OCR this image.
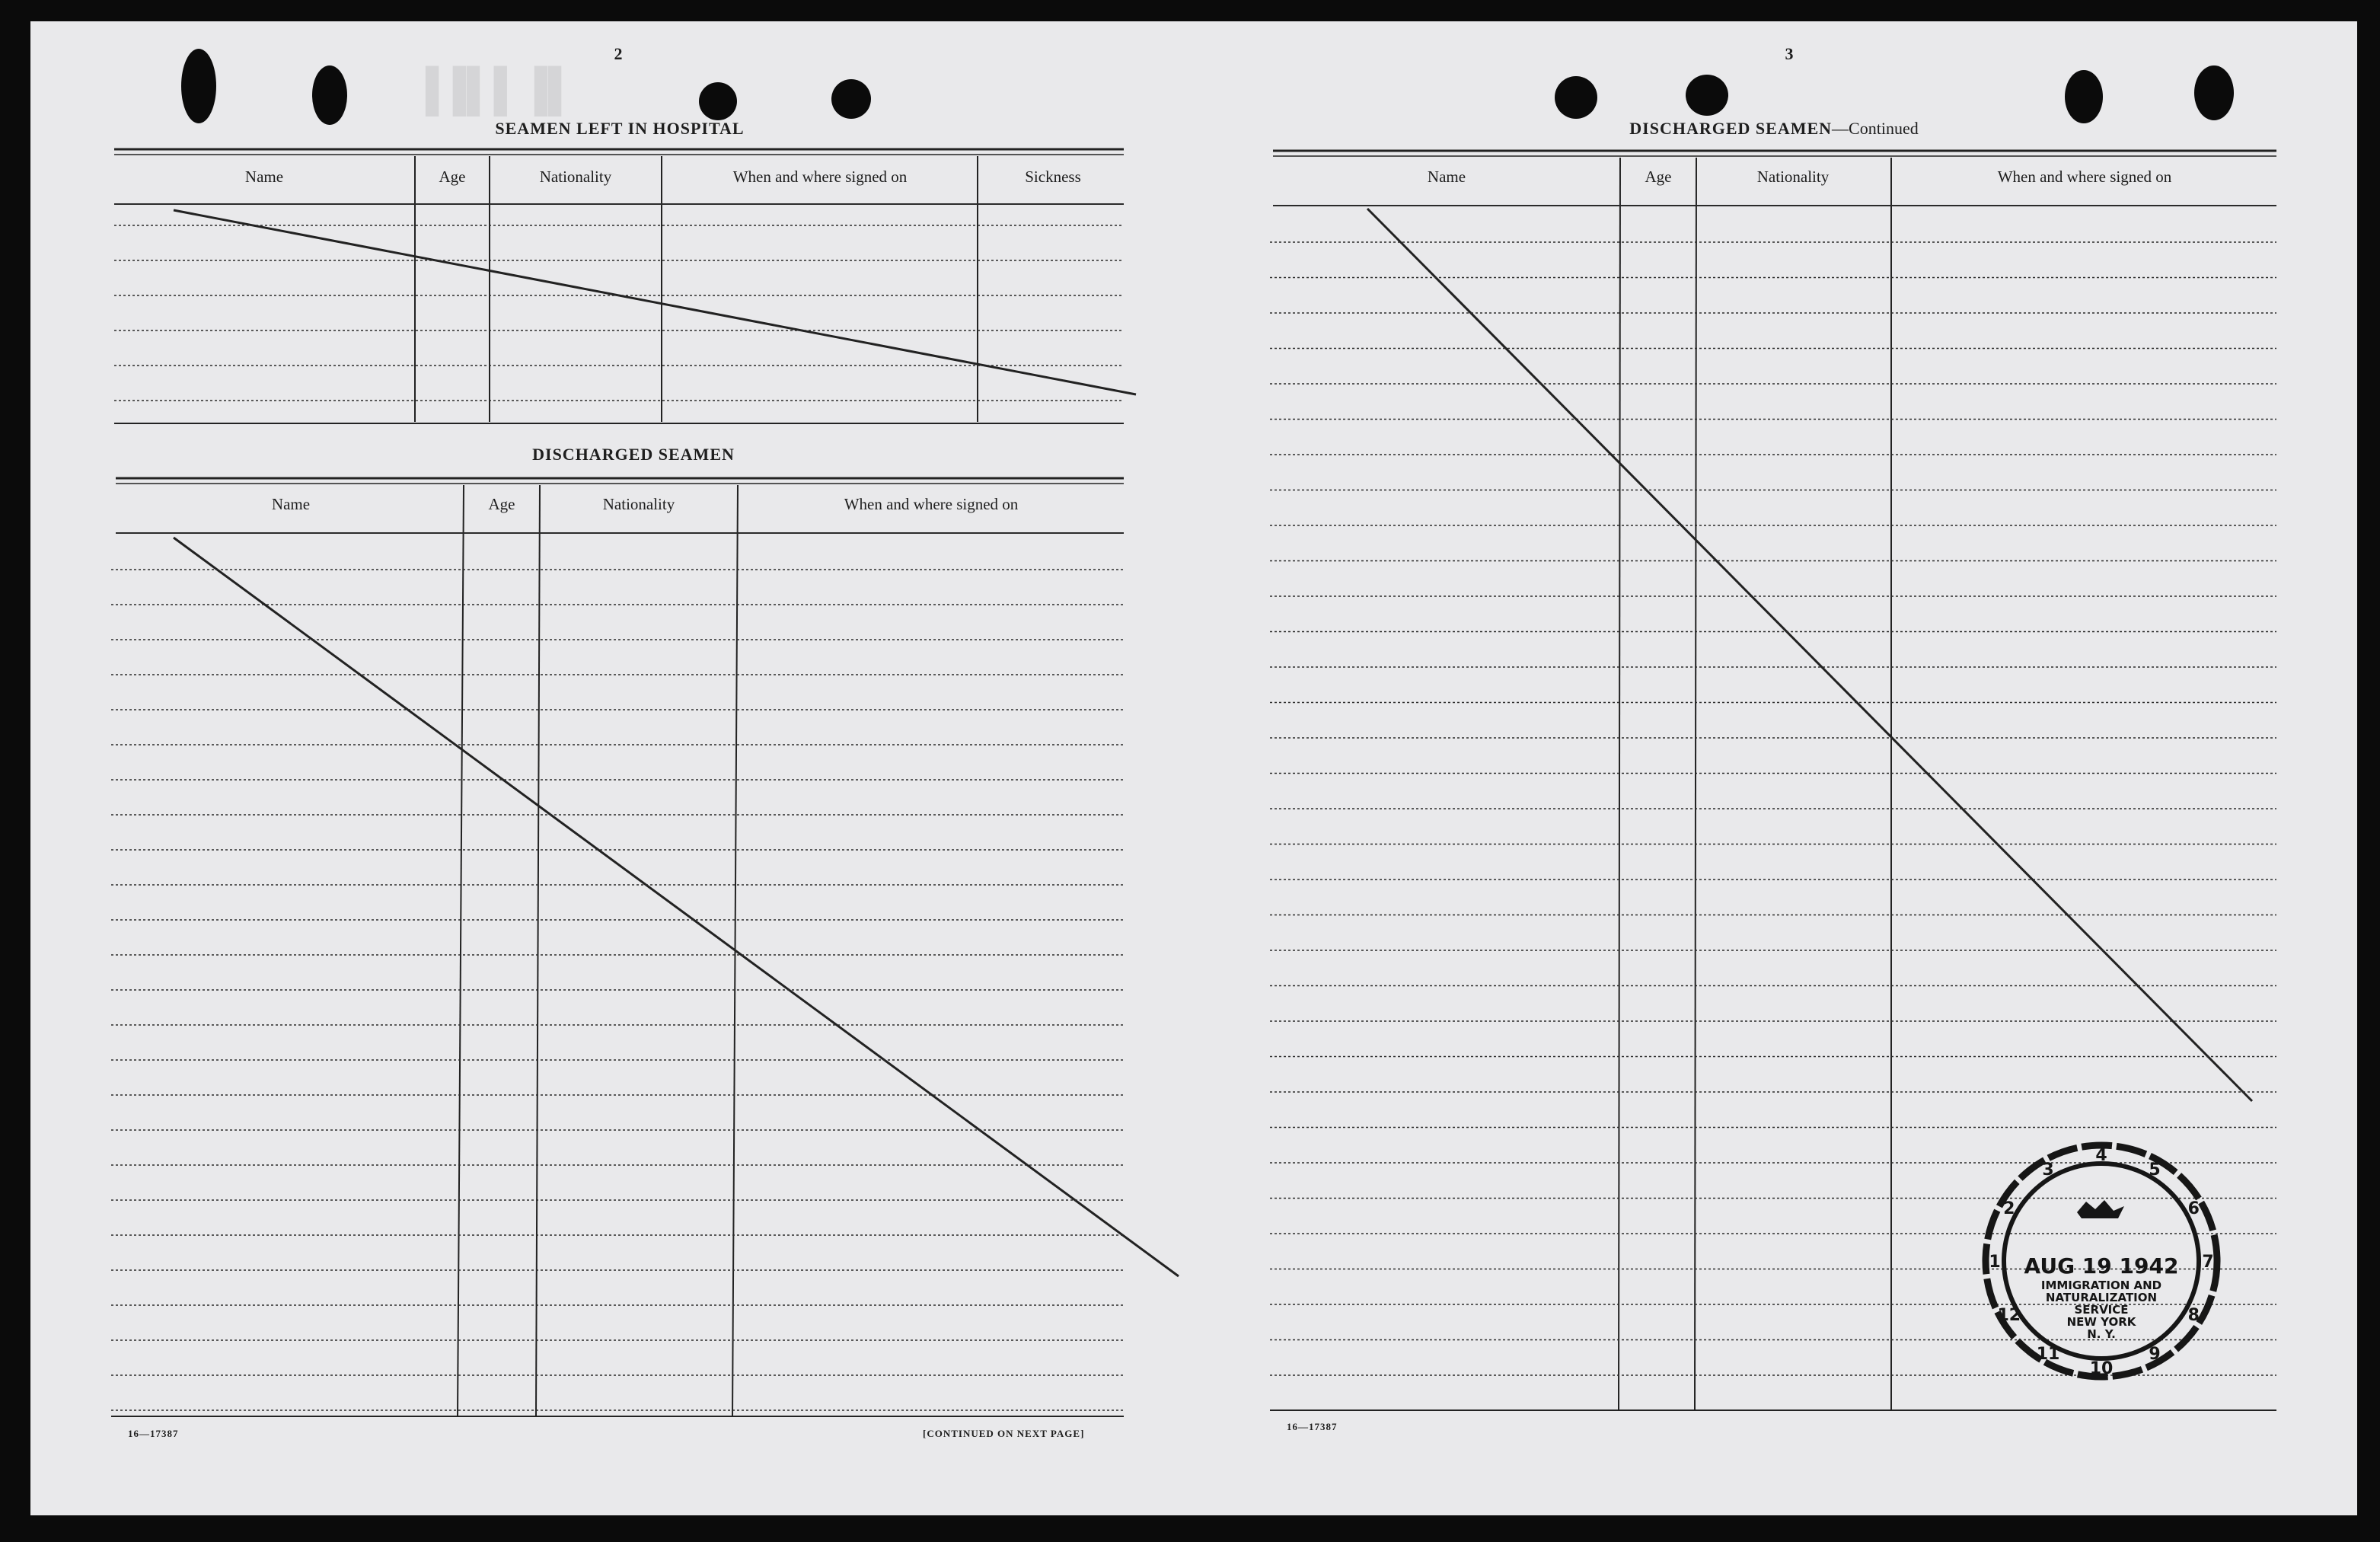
▐▌▐▐▌▌
2
SEAMEN LEFT IN HOSPITAL
Name	Age	Nationality	When and where signed on	Sickness
DISCHARGED SEAMEN
Name	Age	Nationality	When and where signed on
16—17387	[CONTINUED ON NEXT PAGE]
3
DISCHARGED SEAMEN—Continued
Name	Age	Nationality	When and where signed on
16—17387
2
3
4
5
6
7
8
9
10
11
12
1	AUG 19 1942
IMMIGRATION AND
NATURALIZATION
SERVICE
NEW YORK
N. Y.
